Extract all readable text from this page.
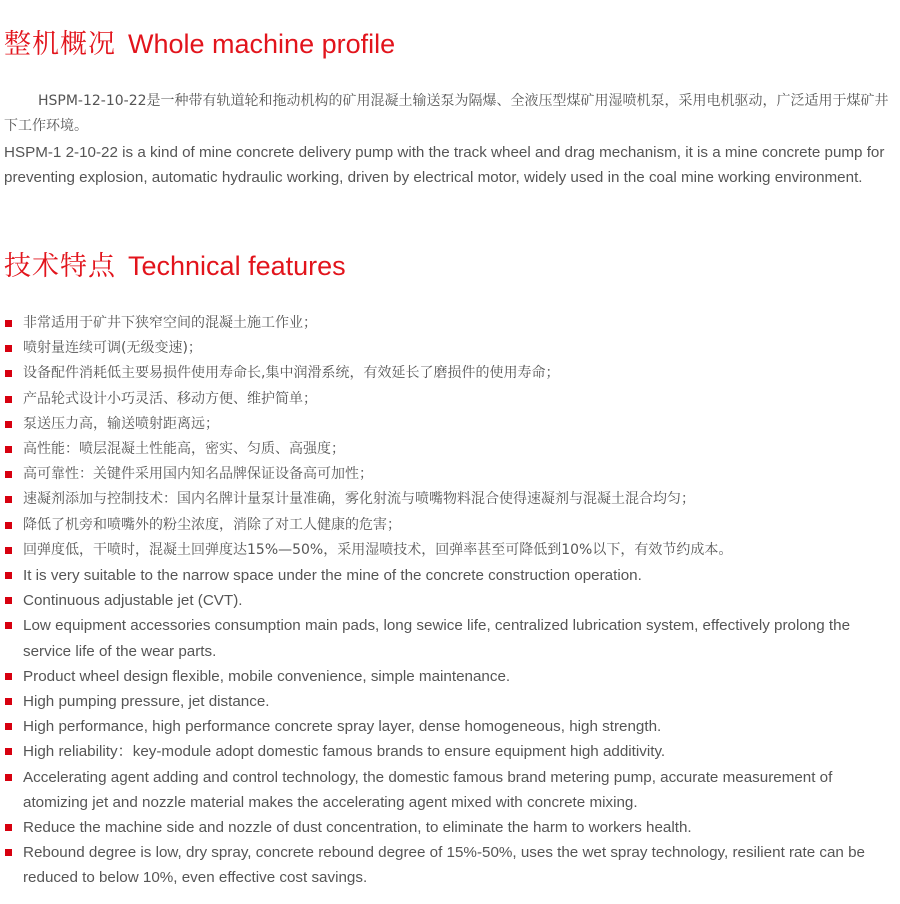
整机概况 Whole machine profile

HSPM-12-10-22是一种带有轨道轮和拖动机构的矿用混凝土输送泵为隔爆、全液压型煤矿用湿喷机泵，采用电机驱动，广泛适用于煤矿井下工作环境。

HSPM-1 2-10-22 is a kind of mine concrete delivery pump with the track wheel and drag mechanism, it is a mine concrete pump for preventing explosion, automatic hydraulic working, driven by electrical motor, widely used in the coal mine working environment.

技术特点 Technical features
非常适用于矿井下狭窄空间的混凝土施工作业；
喷射量连续可调(无级变速)；
设备配件消耗低主要易损件使用寿命长,集中润滑系统，有效延长了磨损件的使用寿命；
产品轮式设计小巧灵活、移动方便、维护简单；
泵送压力高，输送喷射距离远；
高性能：喷层混凝土性能高，密实、匀质、高强度；
高可靠性：关键件采用国内知名品牌保证设备高可加性；
速凝剂添加与控制技术：国内名牌计量泵计量准确，雾化射流与喷嘴物料混合使得速凝剂与混凝土混合均匀；
降低了机旁和喷嘴外的粉尘浓度，消除了对工人健康的危害；
回弹度低，干喷时，混凝土回弹度达15%—50%，采用湿喷技术，回弹率甚至可降低到10%以下，有效节约成本。
It is very suitable to the narrow space under the mine of the concrete construction operation.
Continuous adjustable jet (CVT).
Low equipment accessories consumption main pads, long sewice life, centralized lubrication system, effectively prolong the service life of the wear parts.
Product wheel design flexible, mobile convenience, simple maintenance.
High pumping pressure, jet distance.
High performance, high performance concrete spray layer, dense homogeneous, high strength.
High reliability：key-module adopt domestic famous brands to ensure equipment high additivity.
Accelerating agent adding and control technology, the domestic famous brand metering pump, accurate measurement of atomizing jet and nozzle material makes the accelerating agent mixed with concrete mixing.
Reduce the machine side and nozzle of dust concentration, to eliminate the harm to workers health.
Rebound degree is low, dry spray, concrete rebound degree of 15%-50%, uses the wet spray technology, resilient rate can be reduced to below 10%, even effective cost savings.
